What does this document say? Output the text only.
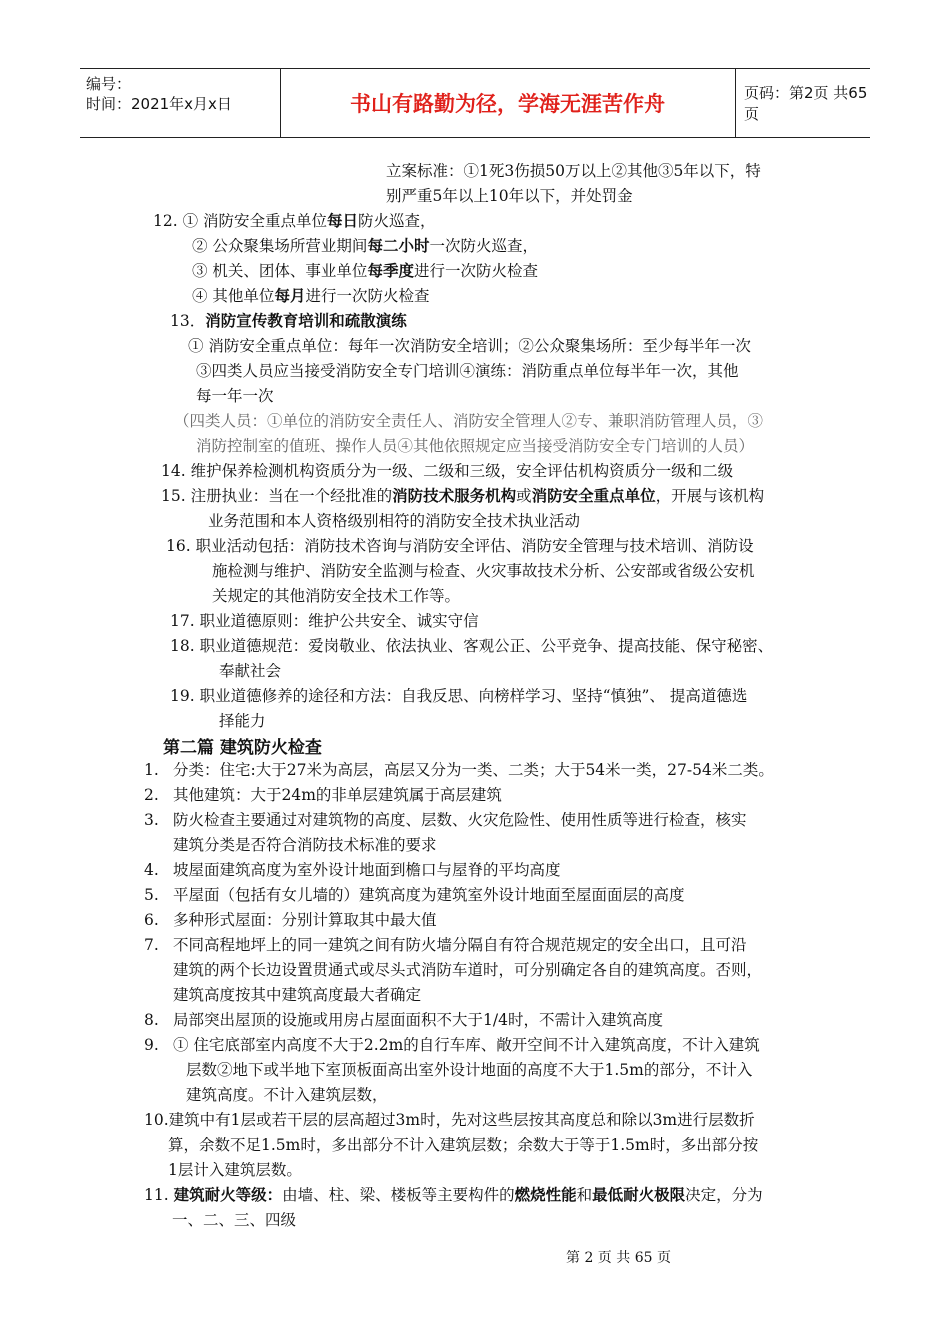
编号：
时间：2021年x月x日	书山有路勤为径，学海无涯苦作舟	页码：第2页 共65页
立案标准：①1死3伤损50万以上②其他③5年以下，特
别严重5年以上10年以下，并处罚金
12. ① 消防安全重点单位每日防火巡查，
② 公众聚集场所营业期间每二小时一次防火巡查，
③ 机关、团体、事业单位每季度进行一次防火检查
④ 其他单位每月进行一次防火检查
13．消防宣传教育培训和疏散演练
① 消防安全重点单位：每年一次消防安全培训；②公众聚集场所：至少每半年一次
③四类人员应当接受消防安全专门培训④演练：消防重点单位每半年一次，其他
每一年一次
（四类人员：①单位的消防安全责任人、消防安全管理人②专、兼职消防管理人员，③
消防控制室的值班、操作人员④其他依照规定应当接受消防安全专门培训的人员）
14. 维护保养检测机构资质分为一级、二级和三级，安全评估机构资质分一级和二级
15. 注册执业：当在一个经批准的消防技术服务机构或消防安全重点单位，开展与该机构
业务范围和本人资格级别相符的消防安全技术执业活动
16. 职业活动包括：消防技术咨询与消防安全评估、消防安全管理与技术培训、消防设
施检测与维护、消防安全监测与检查、火灾事故技术分析、公安部或省级公安机
关规定的其他消防安全技术工作等。
17. 职业道德原则：维护公共安全、诚实守信
18. 职业道德规范：爱岗敬业、依法执业、客观公正、公平竞争、提高技能、保守秘密、
奉献社会
19. 职业道德修养的途径和方法：自我反思、向榜样学习、坚持“慎独”、 提高道德选
择能力
第二篇 建筑防火检查
1. 分类：住宅:大于27米为高层，高层又分为一类、二类；大于54米一类，27-54米二类。
2. 其他建筑：大于24m的非单层建筑属于高层建筑
3. 防火检查主要通过对建筑物的高度、层数、火灾危险性、使用性质等进行检查，核实
建筑分类是否符合消防技术标准的要求
4. 坡屋面建筑高度为室外设计地面到檐口与屋脊的平均高度
5. 平屋面（包括有女儿墙的）建筑高度为建筑室外设计地面至屋面面层的高度
6. 多种形式屋面：分别计算取其中最大值
7. 不同高程地坪上的同一建筑之间有防火墙分隔自有符合规范规定的安全出口，且可沿
建筑的两个长边设置贯通式或尽头式消防车道时，可分别确定各自的建筑高度。否则，
建筑高度按其中建筑高度最大者确定
8. 局部突出屋顶的设施或用房占屋面面积不大于1/4时，不需计入建筑高度
9. ① 住宅底部室内高度不大于2.2m的自行车库、敞开空间不计入建筑高度，不计入建筑
层数②地下或半地下室顶板面高出室外设计地面的高度不大于1.5m的部分，不计入
建筑高度。不计入建筑层数，
10.建筑中有1层或若干层的层高超过3m时，先对这些层按其高度总和除以3m进行层数折
算，余数不足1.5m时，多出部分不计入建筑层数；余数大于等于1.5m时，多出部分按
1层计入建筑层数。
11. 建筑耐火等级：由墙、柱、梁、楼板等主要构件的燃烧性能和最低耐火极限决定，分为
一、二、三、四级
第 2 页 共 65 页
